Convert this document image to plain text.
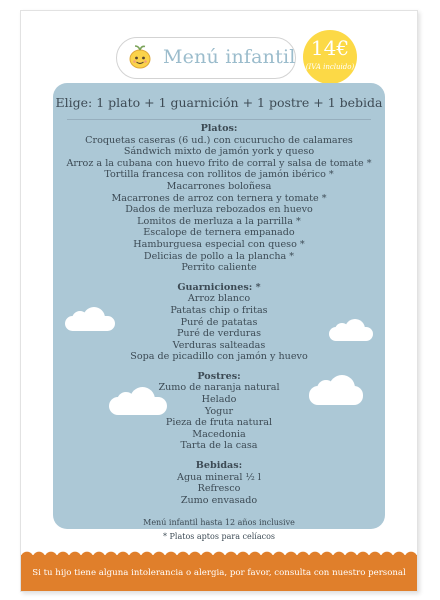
Menú infantil 14€
(IVA incluido)
Elige: 1 plato + 1 guarnición + 1 postre + 1 bebida
Platos:
Croquetas caseras (6 ud.) con cucurucho de calamares
Sándwich mixto de jamón york y queso
Arroz a la cubana con huevo frito de corral y salsa de tomate *
Tortilla francesa con rollitos de jamón ibérico *
Macarrones boloñesa
Macarrones de arroz con ternera y tomate *
Dados de merluza rebozados en huevo
Lomitos de merluza a la parrilla *
Escalope de ternera empanado
Hamburguesa especial con queso *
Delicias de pollo a la plancha *
Perrito caliente
Guarniciones: *
Arroz blanco
Patatas chip o fritas
Puré de patatas
Puré de verduras
Verduras salteadas
Sopa de picadillo con jamón y huevo
Postres:
Zumo de naranja natural
Helado
Yogur
Pieza de fruta natural
Macedonia
Tarta de la casa
Bebidas:
Agua mineral ½ l
Refresco
Zumo envasado
Menú infantil hasta 12 años inclusive
* Platos aptos para celíacos
Si tu hijo tiene alguna intolerancia o alergia, por favor, consulta con nuestro personal
